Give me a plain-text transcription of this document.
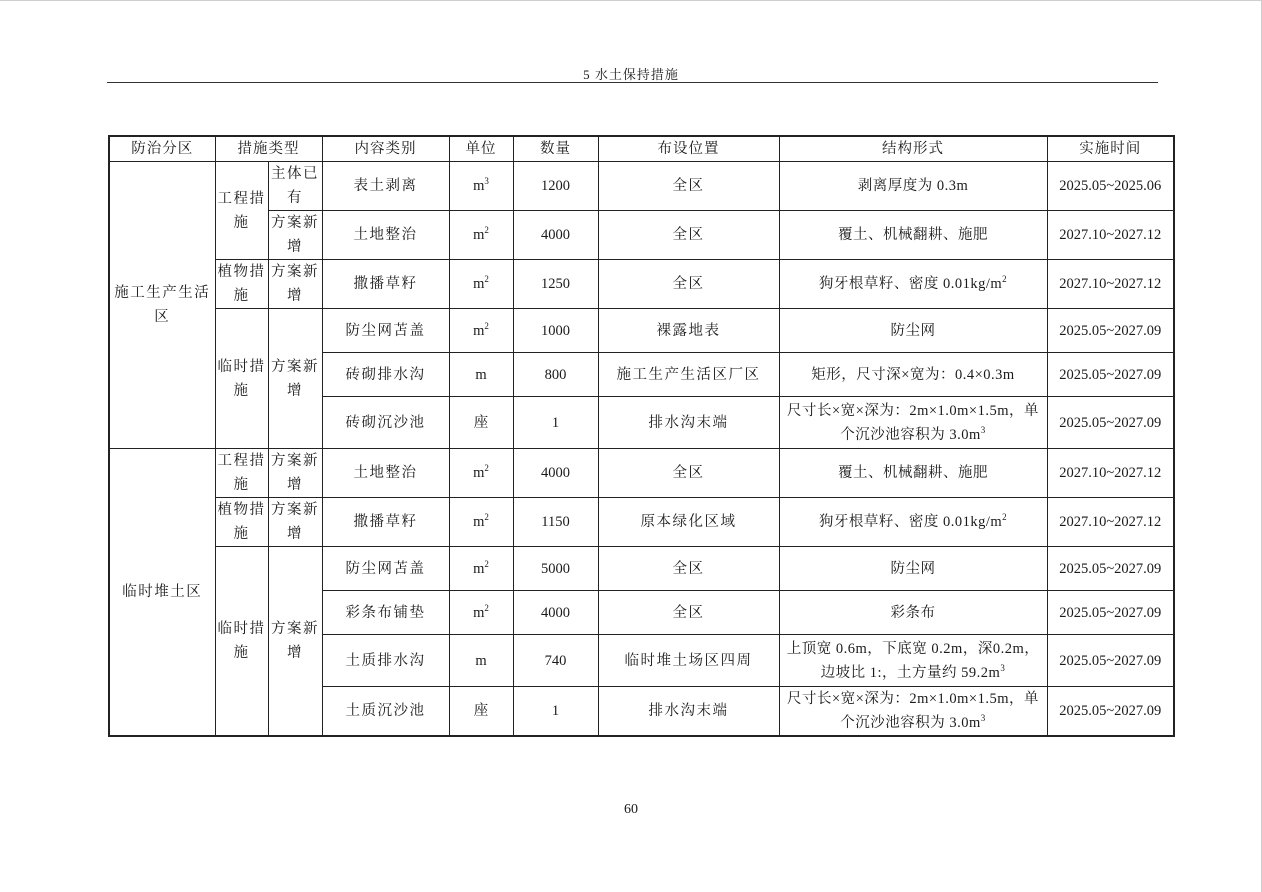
5 水土保持措施
防治分区	措施类型		内容类别	单位	数量	布设位置	结构形式	实施时间
施工生产生活区	工程措施	主体已有	表土剥离	$m^3$	1200	全区	剥离厚度为 0.3m	2025.05~2025.06
		方案新增	土地整治	$m^2$	4000	全区	覆土、机械翻耕、施肥	2027.10~2027.12
	植物措施	方案新增	撒播草籽	$m^2$	1250	全区	狗牙根草籽、密度 $0.01kg/m^2$	2027.10~2027.12
	临时措施	方案新增	防尘网苫盖	$m^2$	1000	裸露地表	防尘网	2025.05~2027.09
			砖砌排水沟	m	800	施工生产生活区厂区	矩形，尺寸深×宽为：0.4×0.3m	2025.05~2027.09
			砖砌沉沙池	座	1	排水沟末端	尺寸长×宽×深为：2m×1.0m×1.5m，单个沉沙池容积为 $3.0m^3$	2025.05~2027.09
临时堆土区	工程措施	方案新增	土地整治	$m^2$	4000	全区	覆土、机械翻耕、施肥	2027.10~2027.12
	植物措施	方案新增	撒播草籽	$m^2$	1150	原本绿化区域	狗牙根草籽、密度 $0.01kg/m^2$	2027.10~2027.12
	临时措施	方案新增	防尘网苫盖	$m^2$	5000	全区	防尘网	2025.05~2027.09
			彩条布铺垫	$m^2$	4000	全区	彩条布	2025.05~2027.09
			土质排水沟	m	740	临时堆土场区四周	上顶宽 0.6m，下底宽 0.2m，深0.2m，边坡比 1:，土方量约 $59.2m^3$	2025.05~2027.09
			土质沉沙池	座	1	排水沟末端	尺寸长×宽×深为：2m×1.0m×1.5m，单个沉沙池容积为 $3.0m^3$	2025.05~2027.09
60
